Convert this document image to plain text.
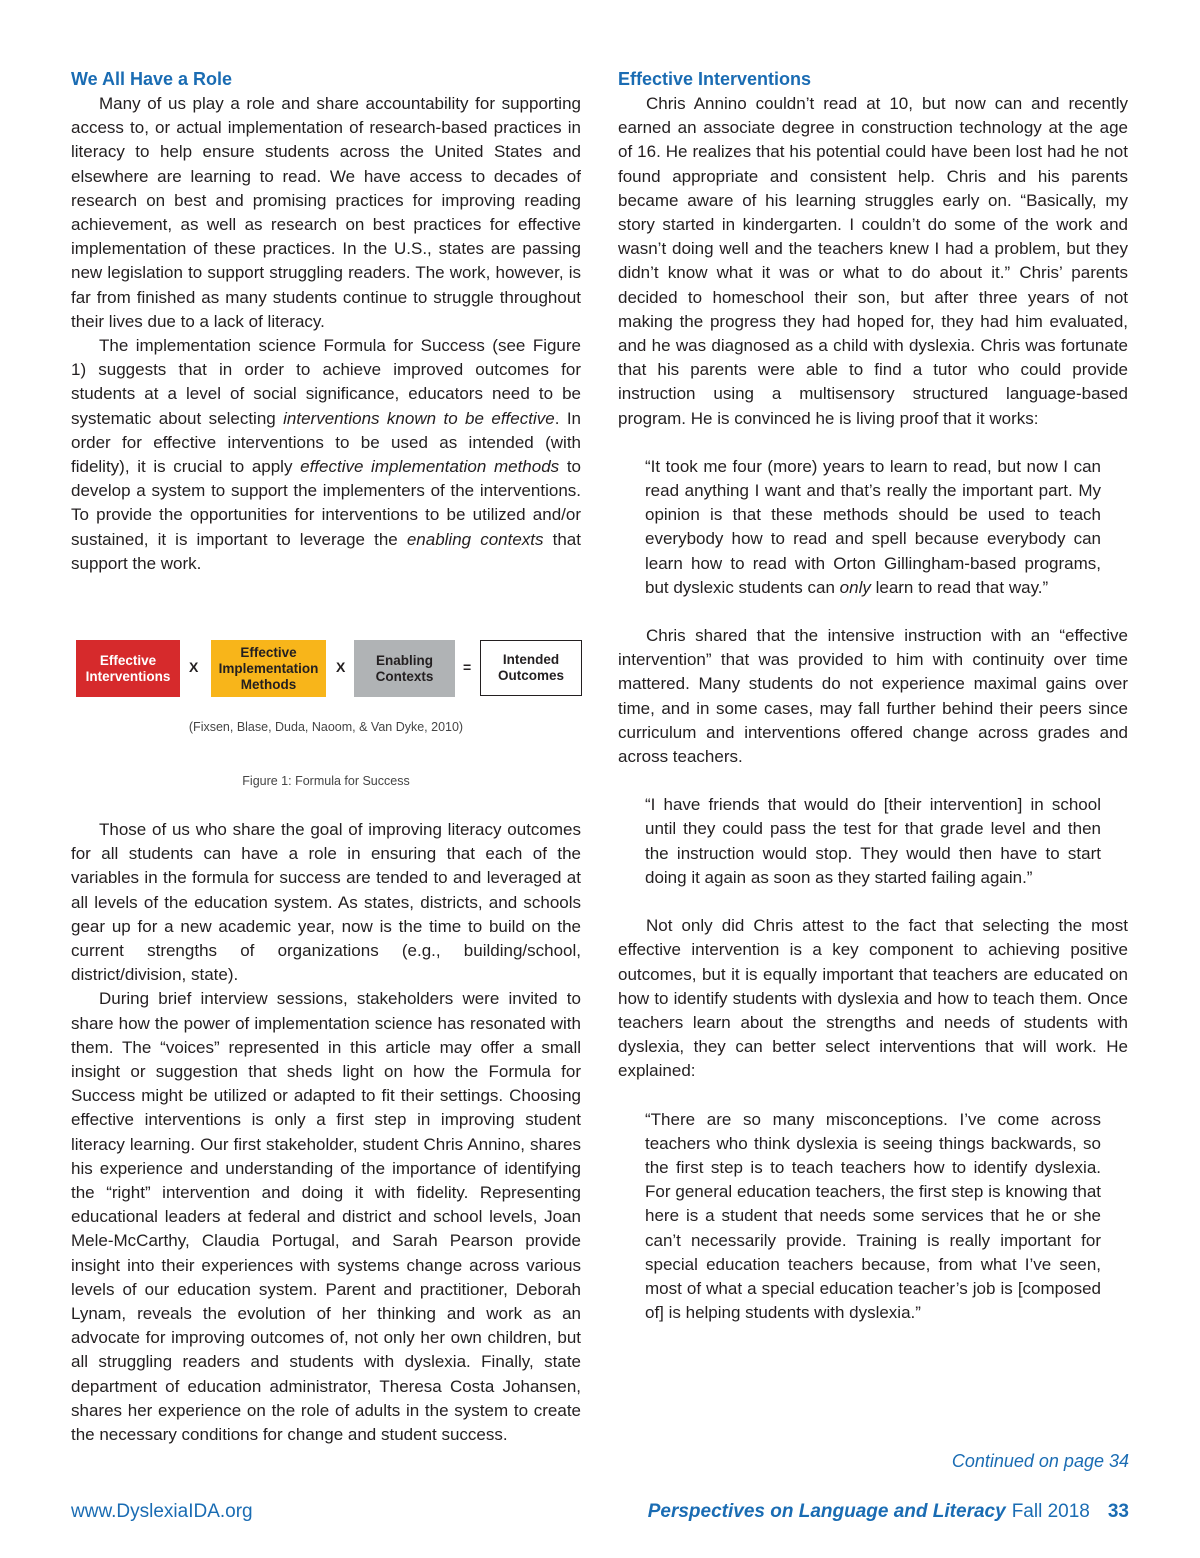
We All Have a Role

Many of us play a role and share accountability for supporting access to, or actual implementation of research-based practices in literacy to help ensure students across the United States and elsewhere are learning to read. We have access to decades of research on best and promising practices for improving reading achievement, as well as research on best practices for effective implementation of these practices. In the U.S., states are passing new legislation to support struggling readers. The work, however, is far from finished as many students continue to struggle throughout their lives due to a lack of literacy.

The implementation science Formula for Success (see Figure 1) suggests that in order to achieve improved outcomes for students at a level of social significance, educators need to be systematic about selecting interventions known to be effective. In order for effective interventions to be used as intended (with fidelity), it is crucial to apply effective implementation methods to develop a system to support the implementers of the interventions. To provide the opportunities for interventions to be utilized and/or sustained, it is important to leverage the enabling contexts that support the work.

Effective Interventions
X
Effective Implementation Methods
X	Enabling Contexts
=	Intended Outcomes
(Fixsen, Blase, Duda, Naoom, & Van Dyke, 2010)
Figure 1: Formula for Success

Those of us who share the goal of improving literacy outcomes for all students can have a role in ensuring that each of the variables in the formula for success are tended to and leveraged at all levels of the education system. As states, districts, and schools gear up for a new academic year, now is the time to build on the current strengths of organizations (e.g., building/school, district/division, state).

During brief interview sessions, stakeholders were invited to share how the power of implementation science has resonated with them. The “voices” represented in this article may offer a small insight or suggestion that sheds light on how the Formula for Success might be utilized or adapted to fit their settings. Choosing effective interventions is only a first step in improving student literacy learning. Our first stakeholder, student Chris Annino, shares his experience and understanding of the importance of identifying the “right” intervention and doing it with fidelity. Representing educational leaders at federal and district and school levels, Joan Mele-McCarthy, Claudia Portugal, and Sarah Pearson provide insight into their experiences with systems change across various levels of our education system. Parent and practitioner, Deborah Lynam, reveals the evolution of her thinking and work as an advocate for improving outcomes of, not only her own children, but all struggling readers and students with dyslexia. Finally, state department of education administrator, Theresa Costa Johansen, shares her experience on the role of adults in the system to create the necessary conditions for change and student success.

Effective Interventions

Chris Annino couldn’t read at 10, but now can and recently earned an associate degree in construction technology at the age of 16. He realizes that his potential could have been lost had he not found appropriate and consistent help. Chris and his parents became aware of his learning struggles early on. “Basically, my story started in kindergarten. I couldn’t do some of the work and wasn’t doing well and the teachers knew I had a problem, but they didn’t know what it was or what to do about it.” Chris’ parents decided to homeschool their son, but after three years of not making the progress they had hoped for, they had him evaluated, and he was diagnosed as a child with dyslexia. Chris was fortunate that his parents were able to find a tutor who could provide instruction using a multisensory structured language-based program. He is convinced he is living proof that it works:

“It took me four (more) years to learn to read, but now I can read anything I want and that’s really the important part. My opinion is that these methods should be used to teach everybody how to read and spell because everybody can learn how to read with Orton Gillingham-based programs, but dyslexic students can only learn to read that way.”

Chris shared that the intensive instruction with an “effective intervention” that was provided to him with continuity over time mattered. Many students do not experience maximal gains over time, and in some cases, may fall further behind their peers since curriculum and interventions offered change across grades and across teachers.

“I have friends that would do [their intervention] in school until they could pass the test for that grade level and then the instruction would stop. They would then have to start doing it again as soon as they started failing again.”

Not only did Chris attest to the fact that selecting the most effective intervention is a key component to achieving positive outcomes, but it is equally important that teachers are educated on how to identify students with dyslexia and how to teach them. Once teachers learn about the strengths and needs of students with dyslexia, they can better select interventions that will work. He explained:

“There are so many misconceptions. I’ve come across teachers who think dyslexia is seeing things backwards, so the first step is to teach teachers how to identify dyslexia. For general education teachers, the first step is knowing that here is a student that needs some services that he or she can’t necessarily provide. Training is really important for special education teachers because, from what I’ve seen, most of what a special education teacher’s job is [composed of] is helping students with dyslexia.”

Continued on page 34
www.DyslexiaIDA.org	Perspectives on Language and Literacy Fall 2018 33
